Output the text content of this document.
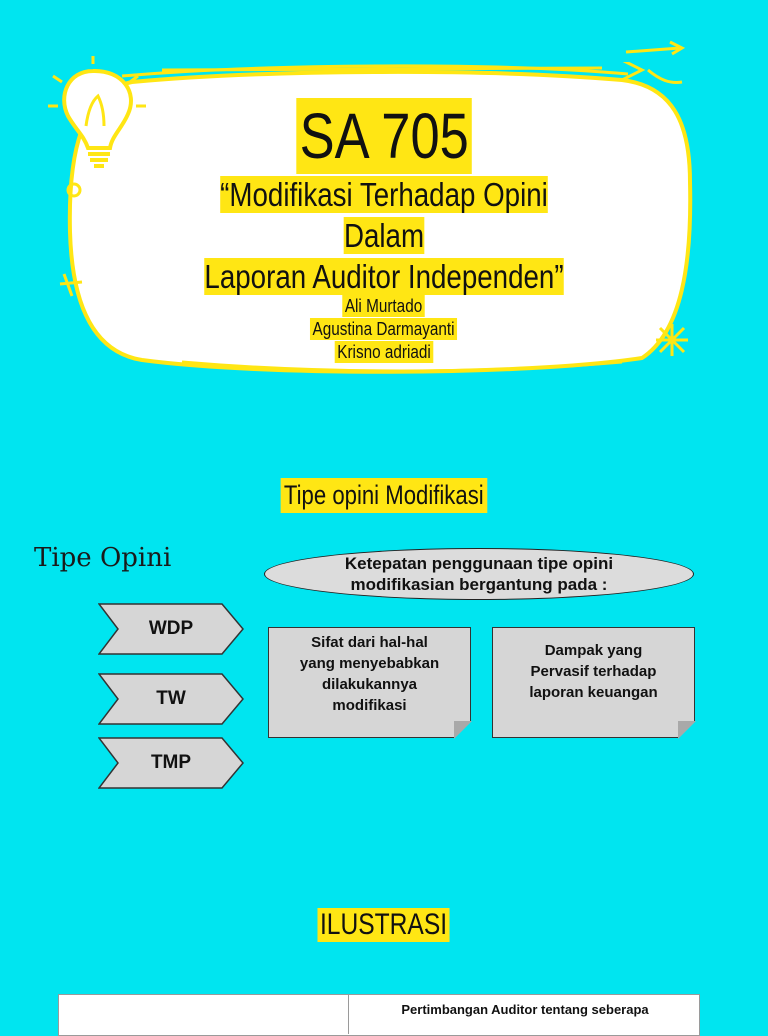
SA 705
“Modifikasi Terhadap Opini Dalam
Laporan Auditor Independen”
Ali Murtado
Agustina Darmayanti
Krisno adriadi
Tipe opini Modifikasi
Tipe Opini	Ketepatan penggunaan tipe opini
modifikasian bergantung pada :
WDP
TW
TMP
Sifat dari hal-hal
yang menyebabkan
dilakukannya
modifikasi
Dampak yang
Pervasif terhadap
laporan keuangan
ILUSTRASI
Pertimbangan Auditor tentang seberapa
